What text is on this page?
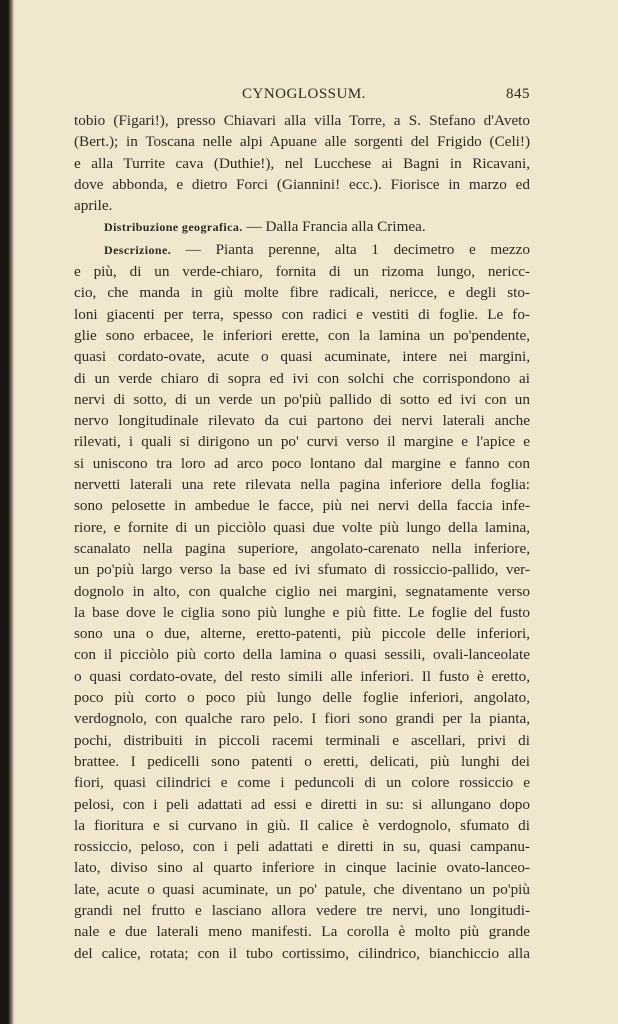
CYNOGLOSSUM.	845
tobio (Figari!), presso Chiavari alla villa Torre, a S. Stefano d'Aveto
(Bert.); in Toscana nelle alpi Apuane alle sorgenti del Frigido (Celi!)
e alla Turrite cava (Duthie!), nel Lucchese ai Bagni in Ricavani,
dove abbonda, e dietro Forci (Giannini! ecc.). Fiorisce in marzo ed
aprile.
Distribuzione geografica. — Dalla Francia alla Crimea.
Descrizione. — Pianta perenne, alta 1 decimetro e mezzo
e più, di un verde-chiaro, fornita di un rizoma lungo, nericc-
cio, che manda in giù molte fibre radicali, nericce, e degli sto-
loni giacenti per terra, spesso con radici e vestiti di foglie. Le fo-
glie sono erbacee, le inferiori erette, con la lamina un po'pendente,
quasi cordato-ovate, acute o quasi acuminate, intere nei margini,
di un verde chiaro di sopra ed ivi con solchi che corrispondono ai
nervi di sotto, di un verde un po'più pallido di sotto ed ivi con un
nervo longitudinale rilevato da cui partono dei nervi laterali anche
rilevati, i quali si dirigono un po' curvi verso il margine e l'apice e
si uniscono tra loro ad arco poco lontano dal margine e fanno con
nervetti laterali una rete rilevata nella pagina inferiore della foglia:
sono pelosette in ambedue le facce, più nei nervi della faccia infe-
riore, e fornite di un picciòlo quasi due volte più lungo della lamina,
scanalato nella pagina superiore, angolato-carenato nella inferiore,
un po'più largo verso la base ed ivi sfumato di rossiccio-pallido, ver-
dognolo in alto, con qualche ciglio nei margini, segnatamente verso
la base dove le ciglia sono più lunghe e più fitte. Le foglie del fusto
sono una o due, alterne, eretto-patenti, più piccole delle inferiori,
con il picciòlo più corto della lamina o quasi sessili, ovali-lanceolate
o quasi cordato-ovate, del resto simili alle inferiori. Il fusto è eretto,
poco più corto o poco più lungo delle foglie inferiori, angolato,
verdognolo, con qualche raro pelo. I fiori sono grandi per la pianta,
pochi, distribuiti in piccoli racemi terminali e ascellari, privi di
brattee. I pedicelli sono patenti o eretti, delicati, più lunghi dei
fiori, quasi cilindrici e come i peduncoli di un colore rossiccio e
pelosi, con i peli adattati ad essi e diretti in su: si allungano dopo
la fioritura e si curvano in giù. Il calice è verdognolo, sfumato di
rossiccio, peloso, con i peli adattati e diretti in su, quasi campanu-
lato, diviso sino al quarto inferiore in cinque lacinie ovato-lanceo-
late, acute o quasi acuminate, un po' patule, che diventano un po'più
grandi nel frutto e lasciano allora vedere tre nervi, uno longitudi-
nale e due laterali meno manifesti. La corolla è molto più grande
del calice, rotata; con il tubo cortissimo, cilindrico, bianchiccio alla
